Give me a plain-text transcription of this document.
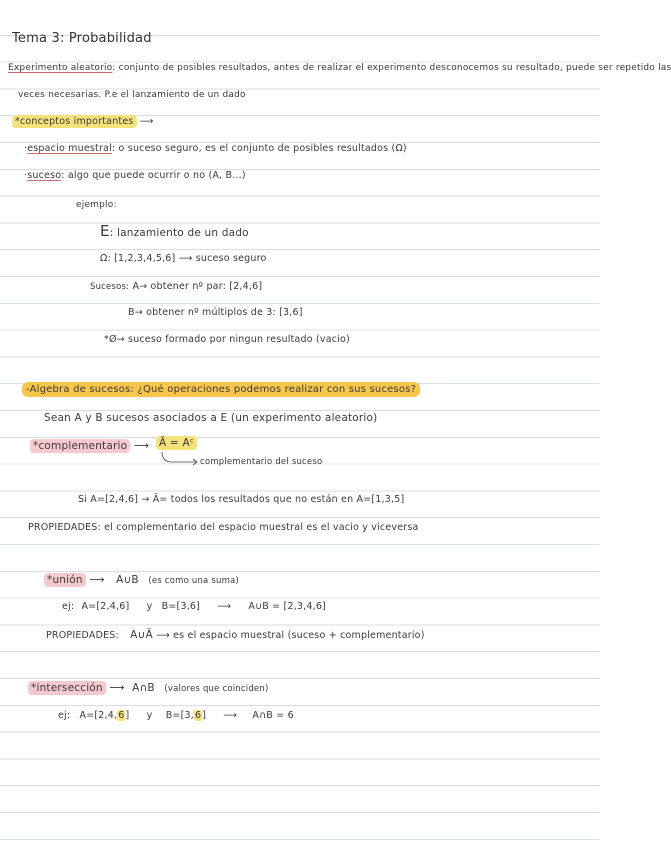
Tema 3: Probabilidad
Experimento aleatorio: conjunto de posibles resultados, antes de realizar el experimento desconocemos su resultado, puede ser repetido las
veces necesarias. P.e el lanzamiento de un dado
*conceptos importantes ⟶
·espacio muestral: o suceso seguro, es el conjunto de posibles resultados (Ω)
·suceso: algo que puede ocurrir o no (A, B...)
ejemplo:
E: lanzamiento de un dado
Ω: [1,2,3,4,5,6] ⟶ suceso seguro
Sucesos: A→ obtener nº par: [2,4,6]
B→ obtener nº múltiplos de 3: [3,6]
*Ø→ suceso formado por ningun resultado (vacio)
-Algebra de sucesos: ¿Qué operaciones podemos realizar con sus sucesos?
Sean A y B sucesos asociados a E (un experimento aleatorio)
*complementario ⟶ Ā = Aᶜ
complementario del suceso
Si A=[2,4,6] → Ā= todos los resultados que no están en A=[1,3,5]
PROPIEDADES: el complementario del espacio muestral es el vacio y viceversa
*unión ⟶ A∪B (es como una suma)
ej: A=[2,4,6] y B=[3,6] ⟶ A∪B = [2,3,4,6]
PROPIEDADES: A∪Ā ⟶ es el espacio muestral (suceso + complementario)
*intersección ⟶ A∩B (valores que coinciden)
ej: A=[2,4,6] y B=[3,6] ⟶ A∩B = 6
